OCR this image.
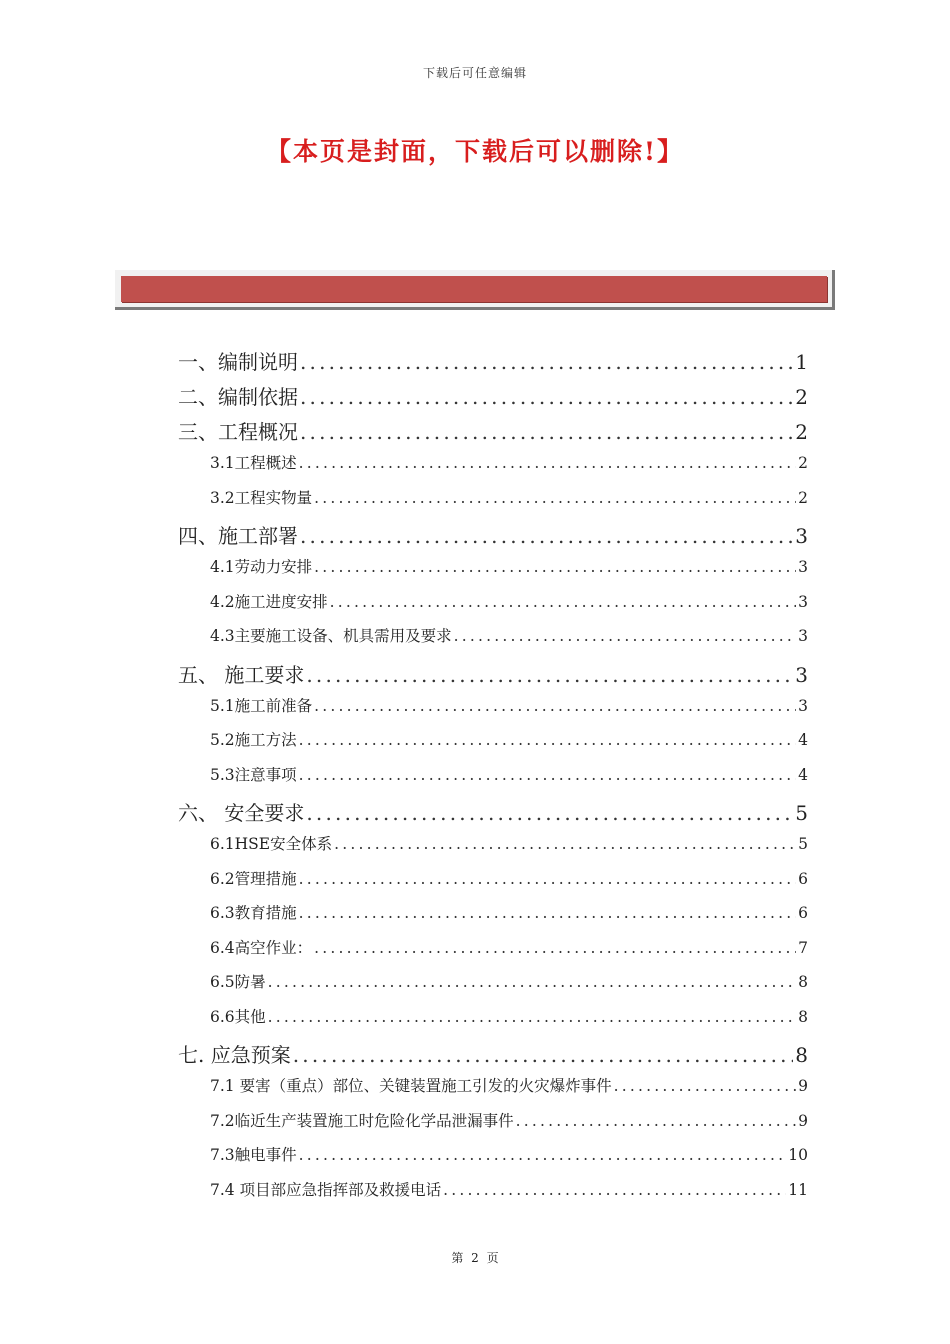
下载后可任意编辑
【本页是封面，下载后可以删除!】
一、编制说明 .....	1
二、编制依据 .....	2
三、工程概况 .....	2
3.1工程概述 .....	2
3.2工程实物量 .....	2
四、施工部署 .....	3
4.1劳动力安排 .....	3
4.2施工进度安排 .....	3
4.3主要施工设备、机具需用及要求 .....	3
五、 施工要求 .....	3
5.1施工前准备 .....	3
5.2施工方法 .....	4
5.3注意事项 .....	4
六、 安全要求 .....	5
6.1HSE安全体系 .....	5
6.2管理措施 .....	6
6.3教育措施 .....	6
6.4高空作业： .....	7
6.5防暑 .....	8
6.6其他 .....	8
七. 应急预案 .....	8
7.1 要害（重点）部位、关键装置施工引发的火灾爆炸事件 .....	9
7.2临近生产装置施工时危险化学品泄漏事件 .....	9
7.3触电事件 .....	10
7.4 项目部应急指挥部及救援电话 .....	11
第 2 页
